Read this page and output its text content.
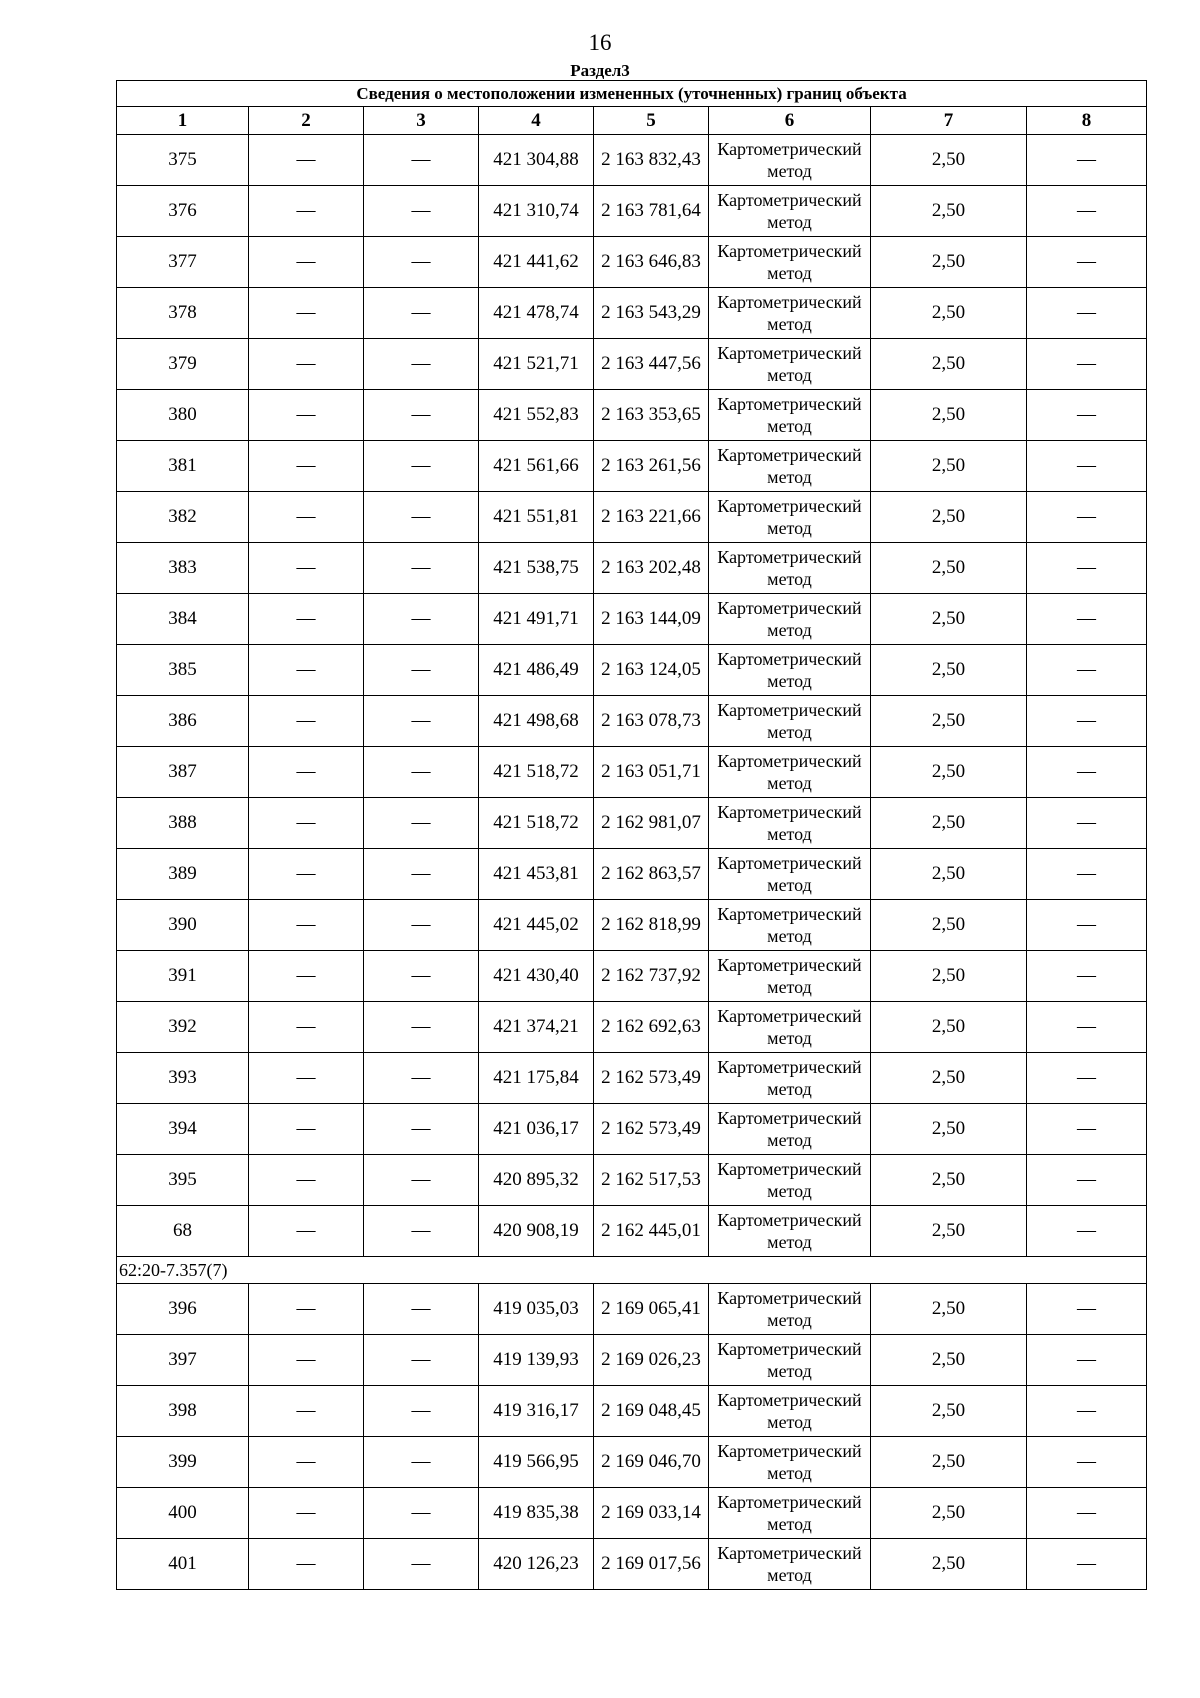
16
Раздел3
Сведения о местоположении измененных (уточненных) границ объекта							
1	2	3	4	5	6	7	8
375	—	—	421 304,88	2 163 832,43	Картометрический метод	2,50	—
376	—	—	421 310,74	2 163 781,64	Картометрический метод	2,50	—
377	—	—	421 441,62	2 163 646,83	Картометрический метод	2,50	—
378	—	—	421 478,74	2 163 543,29	Картометрический метод	2,50	—
379	—	—	421 521,71	2 163 447,56	Картометрический метод	2,50	—
380	—	—	421 552,83	2 163 353,65	Картометрический метод	2,50	—
381	—	—	421 561,66	2 163 261,56	Картометрический метод	2,50	—
382	—	—	421 551,81	2 163 221,66	Картометрический метод	2,50	—
383	—	—	421 538,75	2 163 202,48	Картометрический метод	2,50	—
384	—	—	421 491,71	2 163 144,09	Картометрический метод	2,50	—
385	—	—	421 486,49	2 163 124,05	Картометрический метод	2,50	—
386	—	—	421 498,68	2 163 078,73	Картометрический метод	2,50	—
387	—	—	421 518,72	2 163 051,71	Картометрический метод	2,50	—
388	—	—	421 518,72	2 162 981,07	Картометрический метод	2,50	—
389	—	—	421 453,81	2 162 863,57	Картометрический метод	2,50	—
390	—	—	421 445,02	2 162 818,99	Картометрический метод	2,50	—
391	—	—	421 430,40	2 162 737,92	Картометрический метод	2,50	—
392	—	—	421 374,21	2 162 692,63	Картометрический метод	2,50	—
393	—	—	421 175,84	2 162 573,49	Картометрический метод	2,50	—
394	—	—	421 036,17	2 162 573,49	Картометрический метод	2,50	—
395	—	—	420 895,32	2 162 517,53	Картометрический метод	2,50	—
68	—	—	420 908,19	2 162 445,01	Картометрический метод	2,50	—
62:20-7.357(7)							
396	—	—	419 035,03	2 169 065,41	Картометрический метод	2,50	—
397	—	—	419 139,93	2 169 026,23	Картометрический метод	2,50	—
398	—	—	419 316,17	2 169 048,45	Картометрический метод	2,50	—
399	—	—	419 566,95	2 169 046,70	Картометрический метод	2,50	—
400	—	—	419 835,38	2 169 033,14	Картометрический метод	2,50	—
401	—	—	420 126,23	2 169 017,56	Картометрический метод	2,50	—
